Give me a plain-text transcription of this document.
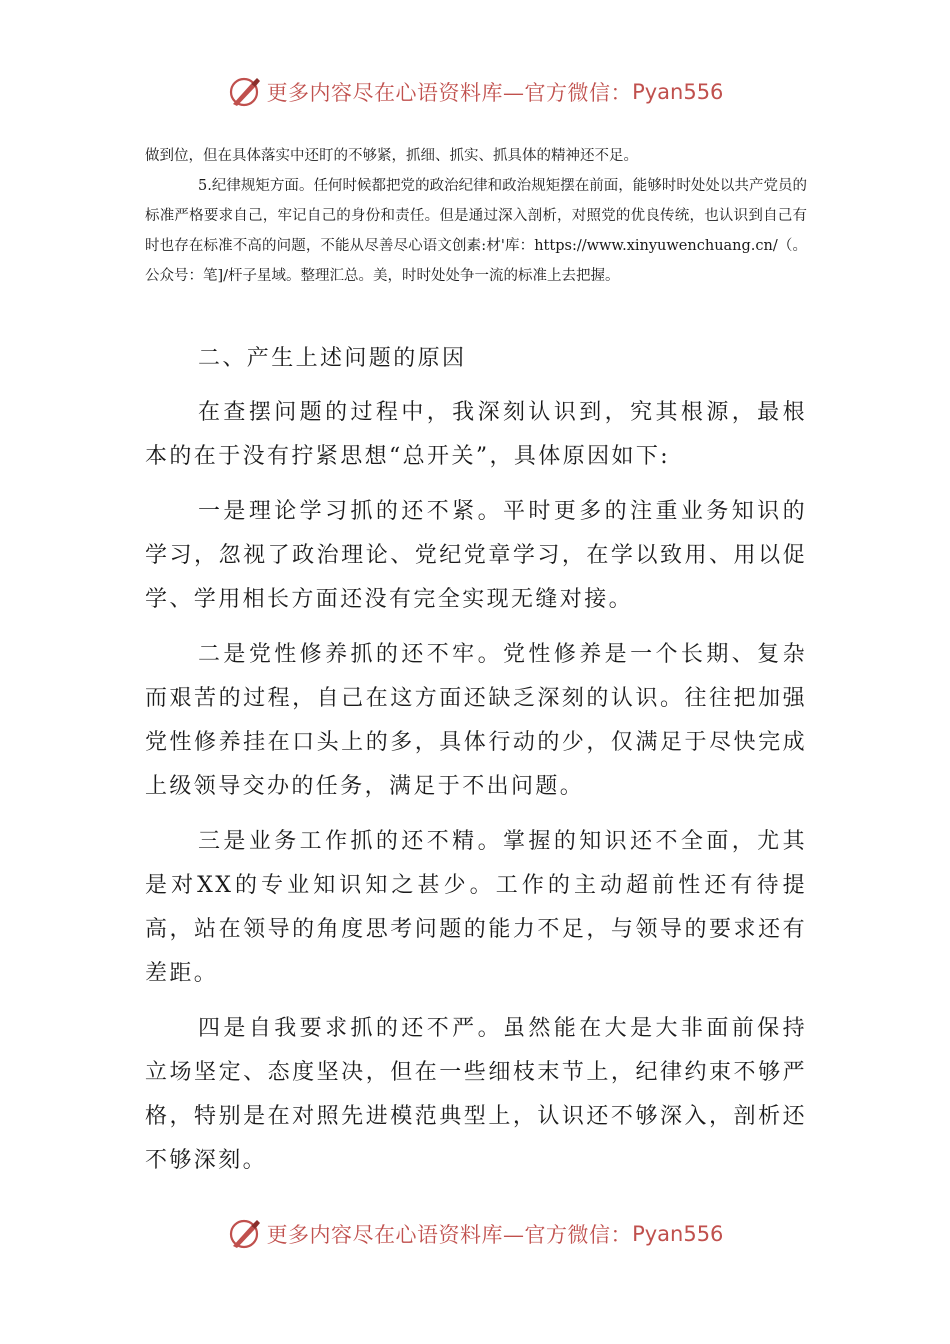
更多内容尽在心语资料库—官方微信： Pyan556

做到位，但在具体落实中还盯的不够紧，抓细、抓实、抓具体的精神还不足。

5.纪律规矩方面。任何时候都把党的政治纪律和政治规矩摆在前面，能够时时处处以共产党员的标准严格要求自己，牢记自己的身份和责任。但是通过深入剖析，对照党的优良传统，也认识到自己有时也存在标准不高的问题，不能从尽善尽心语文创素:材'库：https://www.xinyuwenchuang.cn/（。公众号：笔]/杆子星域。整理汇总。美，时时处处争一流的标准上去把握。

二、产生上述问题的原因

在查摆问题的过程中，我深刻认识到，究其根源，最根本的在于没有拧紧思想“总开关”，具体原因如下:

一是理论学习抓的还不紧。平时更多的注重业务知识的学习，忽视了政治理论、党纪党章学习，在学以致用、用以促学、学用相长方面还没有完全实现无缝对接。

二是党性修养抓的还不牢。党性修养是一个长期、复杂而艰苦的过程，自己在这方面还缺乏深刻的认识。往往把加强党性修养挂在口头上的多，具体行动的少，仅满足于尽快完成上级领导交办的任务，满足于不出问题。

三是业务工作抓的还不精。掌握的知识还不全面，尤其是对XX的专业知识知之甚少。工作的主动超前性还有待提高，站在领导的角度思考问题的能力不足，与领导的要求还有差距。

四是自我要求抓的还不严。虽然能在大是大非面前保持立场坚定、态度坚决，但在一些细枝末节上，纪律约束不够严格，特别是在对照先进模范典型上，认识还不够深入，剖析还不够深刻。

更多内容尽在心语资料库—官方微信： Pyan556
